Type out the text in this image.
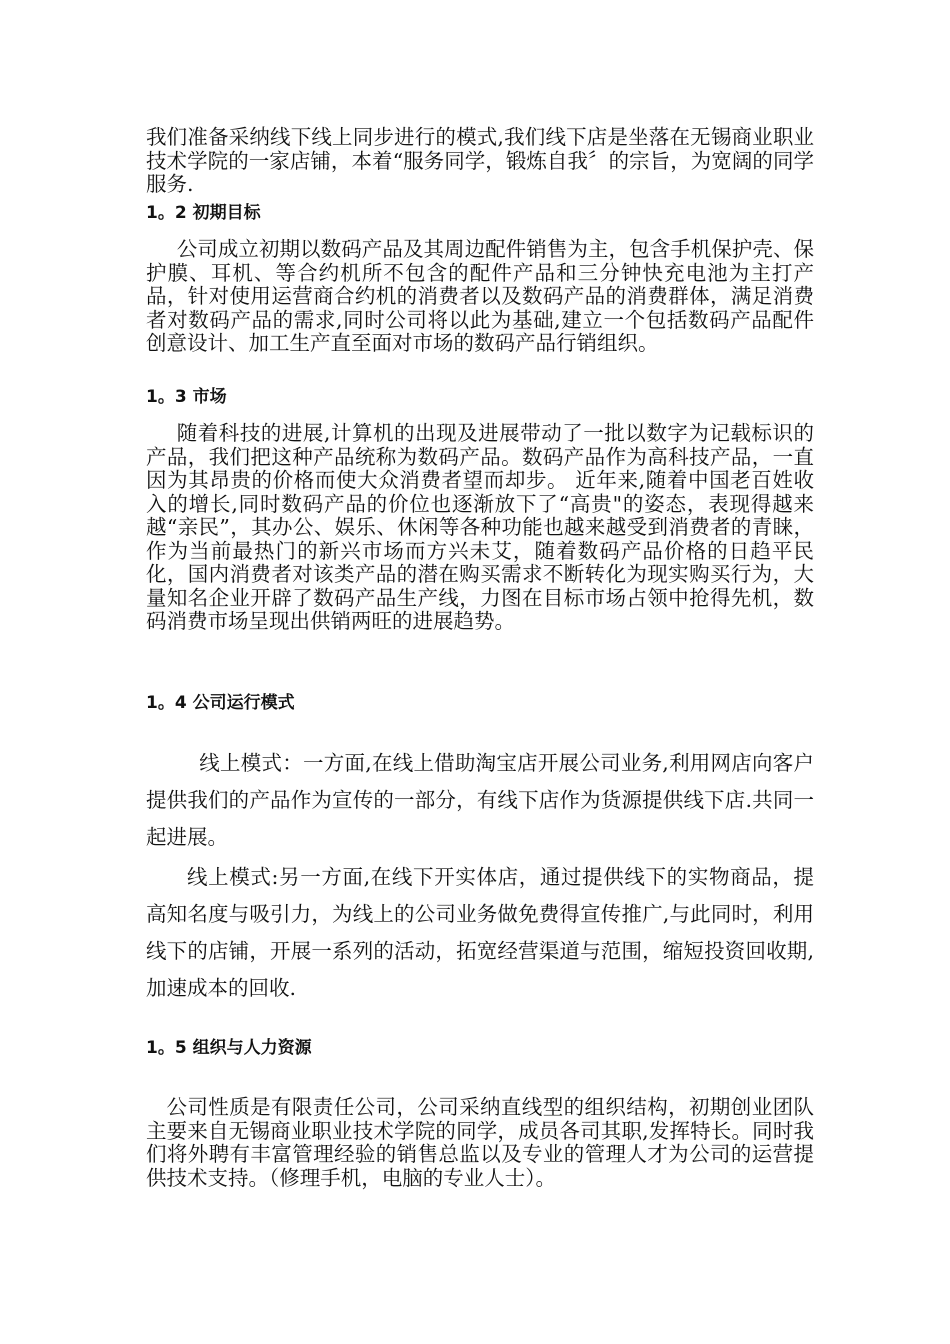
我们准备采纳线下线上同步进行的模式,我们线下店是坐落在无锡商业职业技术学院的一家店铺，本着“服务同学，锻炼自我〞的宗旨，为宽阔的同学服务.

1。2 初期目标

公司成立初期以数码产品及其周边配件销售为主，包含手机保护壳、保护膜、耳机、等合约机所不包含的配件产品和三分钟快充电池为主打产品，针对使用运营商合约机的消费者以及数码产品的消费群体，满足消费者对数码产品的需求,同时公司将以此为基础,建立一个包括数码产品配件创意设计、加工生产直至面对市场的数码产品行销组织。

1。3 市场

随着科技的进展,计算机的出现及进展带动了一批以数字为记载标识的产品，我们把这种产品统称为数码产品。数码产品作为高科技产品，一直因为其昂贵的价格而使大众消费者望而却步。 近年来,随着中国老百姓收入的增长,同时数码产品的价位也逐渐放下了“高贵"的姿态，表现得越来越“亲民”，其办公、娱乐、休闲等各种功能也越来越受到消费者的青睐，作为当前最热门的新兴市场而方兴未艾，随着数码产品价格的日趋平民化，国内消费者对该类产品的潜在购买需求不断转化为现实购买行为，大量知名企业开辟了数码产品生产线，力图在目标市场占领中抢得先机，数码消费市场呈现出供销两旺的进展趋势。

1。4 公司运行模式

线上模式：一方面,在线上借助淘宝店开展公司业务,利用网店向客户提供我们的产品作为宣传的一部分，有线下店作为货源提供线下店.共同一起进展。

线上模式:另一方面,在线下开实体店，通过提供线下的实物商品，提高知名度与吸引力，为线上的公司业务做免费得宣传推广,与此同时，利用线下的店铺，开展一系列的活动，拓宽经营渠道与范围，缩短投资回收期,加速成本的回收.

1。5 组织与人力资源

公司性质是有限责任公司，公司采纳直线型的组织结构，初期创业团队主要来自无锡商业职业技术学院的同学，成员各司其职,发挥特长。同时我们将外聘有丰富管理经验的销售总监以及专业的管理人才为公司的运营提供技术支持。（修理手机，电脑的专业人士）。
